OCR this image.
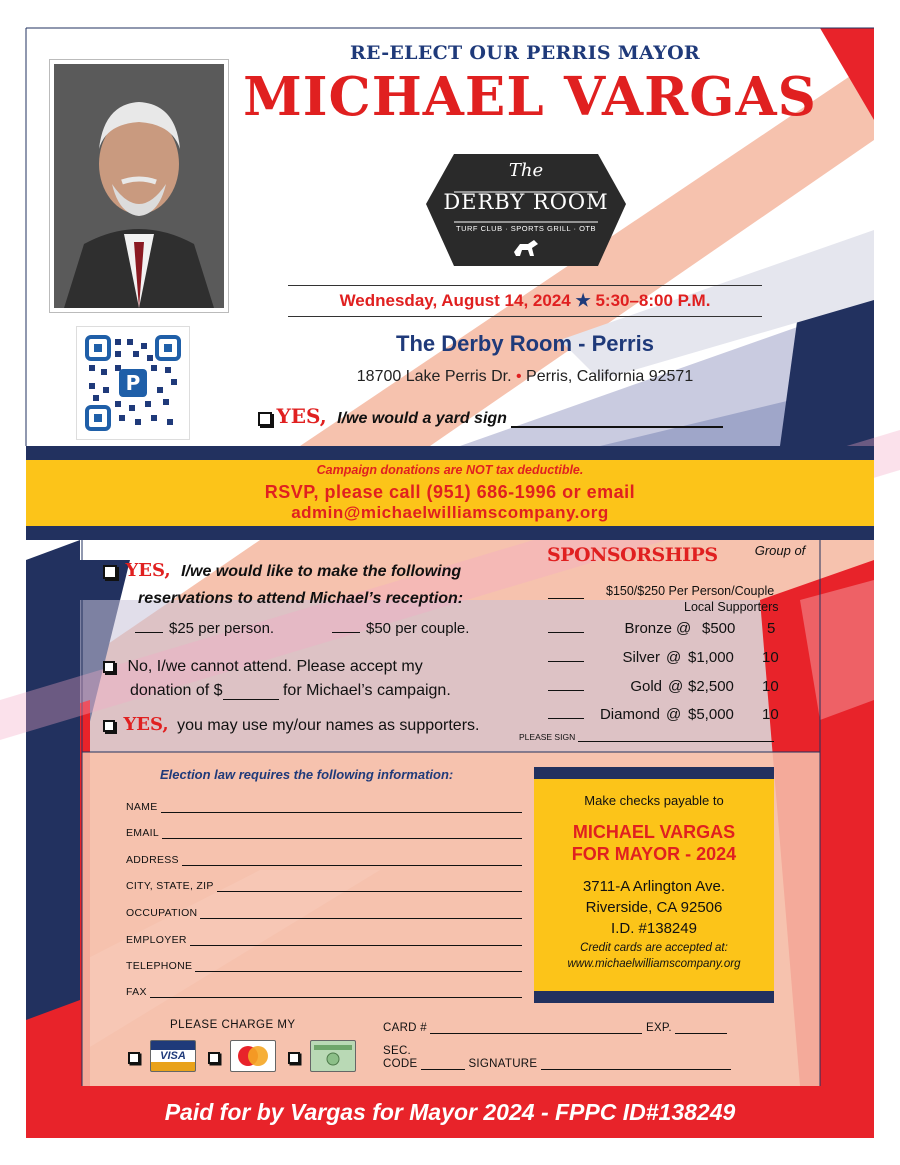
P
RE-ELECT OUR PERRIS MAYOR
MICHAEL VARGAS
The
DERBY ROOM
TURF CLUB · SPORTS GRILL · OTB
Wednesday, August 14, 2024 ★ 5:30–8:00 P.M.
The Derby Room - Perris
18700 Lake Perris Dr. • Perris, California 92571
YES, I/we would a yard sign
Campaign donations are NOT tax deductible.
RSVP, please call (951) 686-1996 or email
admin@michaelwilliamscompany.org
YES, I/we would like to make the following
reservations to attend Michael’s reception:
$25 per person.	$50 per couple.
No, I/we cannot attend. Please accept my
donation of $	for Michael’s campaign.
YES, you may use my/our names as supporters.
SPONSORSHIPS	Group of
$150/$250 Per Person/Couple
Local Supporters
Bronze @ $500 5
Silver @ $1,000 10
Gold @ $2,500 10
Diamond @ $5,000 10
PLEASE SIGN
Election law requires the following information:
NAME
EMAIL
ADDRESS
CITY, STATE, ZIP
OCCUPATION
EMPLOYER
TELEPHONE
FAX
Make checks payable to
MICHAEL VARGAS
FOR MAYOR - 2024
3711-A Arlington Ave.
Riverside, CA 92506
I.D. #138249
Credit cards are accepted at:
www.michaelwilliamscompany.org
PLEASE CHARGE MY
VISA
CARD #	EXP.
SEC.
CODE	SIGNATURE
Paid for by Vargas for Mayor 2024 - FPPC ID#138249
